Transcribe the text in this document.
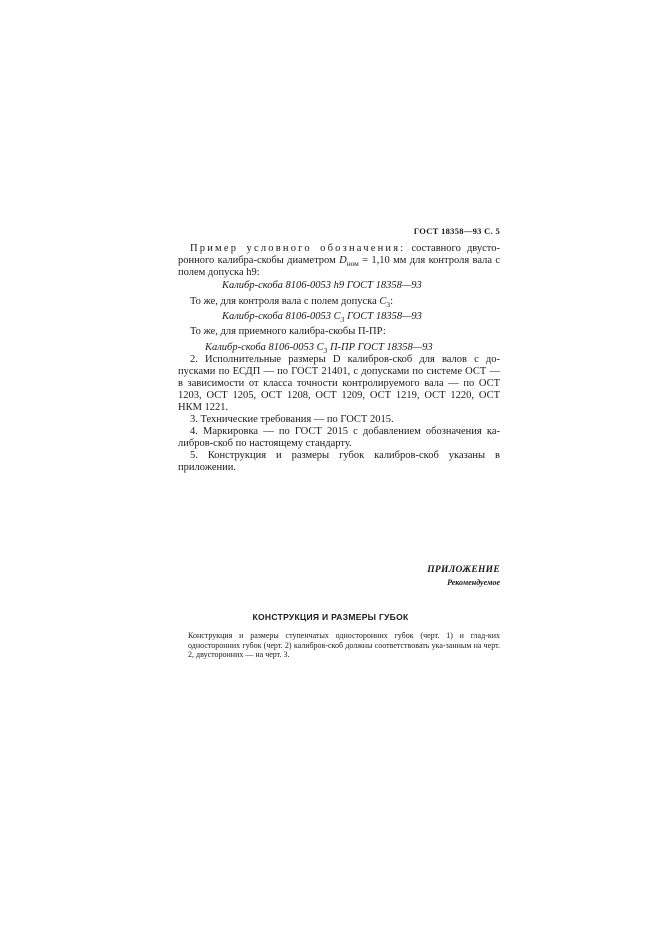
ГОСТ 18358—93 С. 5

Пример условного обозначения: составного двусто-ронного калибра-скобы диаметром $D_{ном} = 1,10$ мм для контроля вала с полем допуска h9:

Калибр-скоба 8106-0053 h9 ГОСТ 18358—93
То же, для контроля вала с полем допуска $C_3$:
Калибр-скоба 8106-0053 $C_3$ ГОСТ 18358—93
То же, для приемного калибра-скобы П-ПР:
Калибр-скоба 8106-0053 $C_3$ П-ПР ГОСТ 18358—93

2. Исполнительные размеры D калибров-скоб для валов с до-пусками по ЕСДП — по ГОСТ 21401, с допусками по системе ОСТ — в зависимости от класса точности контролируемого вала — по ОСТ 1203, ОСТ 1205, ОСТ 1208, ОСТ 1209, ОСТ 1219, ОСТ 1220, ОСТ НКМ 1221.

3. Технические требования — по ГОСТ 2015.

4. Маркировка — по ГОСТ 2015 с добавлением обозначения ка-либров-скоб по настоящему стандарту.

5. Конструкция и размеры губок калибров-скоб указаны в приложении.

ПРИЛОЖЕНИЕ
Рекомендуемое
КОНСТРУКЦИЯ И РАЗМЕРЫ ГУБОК
Конструкция и размеры ступенчатых односторонних губок (черт. 1) и глад-ких односторонних губок (черт. 2) калибров-скоб должны соответствовать ука-занным на черт. 2, двусторонних — на черт. 3.
